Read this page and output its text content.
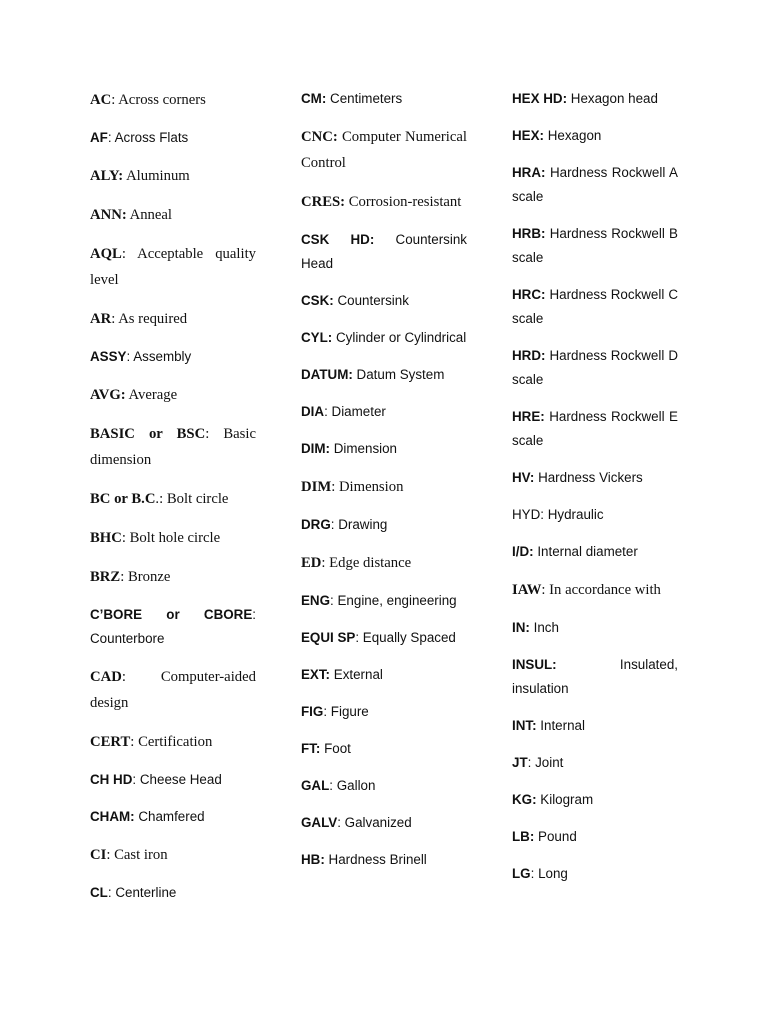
AC: Across corners

AF: Across Flats

ALY: Aluminum

ANN: Anneal

AQL: Acceptable quality level

AR: As required

ASSY: Assembly

AVG: Average

BASIC or BSC: Basic dimension

BC or B.C.: Bolt circle

BHC: Bolt hole circle

BRZ: Bronze

C’BORE or CBORE: Counterbore

CAD: Computer-aided design

CERT: Certification

CH HD: Cheese Head

CHAM: Chamfered

CI: Cast iron

CL: Centerline

CM: Centimeters

CNC: Computer Numerical Control

CRES: Corrosion-resistant

CSK HD: Countersink Head

CSK: Countersink

CYL: Cylinder or Cylindrical

DATUM: Datum System

DIA: Diameter

DIM: Dimension

DIM: Dimension

DRG: Drawing

ED: Edge distance

ENG: Engine, engineering

EQUI SP: Equally Spaced

EXT: External

FIG: Figure

FT: Foot

GAL: Gallon

GALV: Galvanized

HB: Hardness Brinell

HEX HD: Hexagon head

HEX: Hexagon

HRA: Hardness Rockwell A scale

HRB: Hardness Rockwell B scale

HRC: Hardness Rockwell C scale

HRD: Hardness Rockwell D scale

HRE: Hardness Rockwell E scale

HV: Hardness Vickers

HYD: Hydraulic

I/D: Internal diameter

IAW: In accordance with

IN: Inch

INSUL:	Insulated, insulation

INT: Internal

JT: Joint

KG: Kilogram

LB: Pound

LG: Long
